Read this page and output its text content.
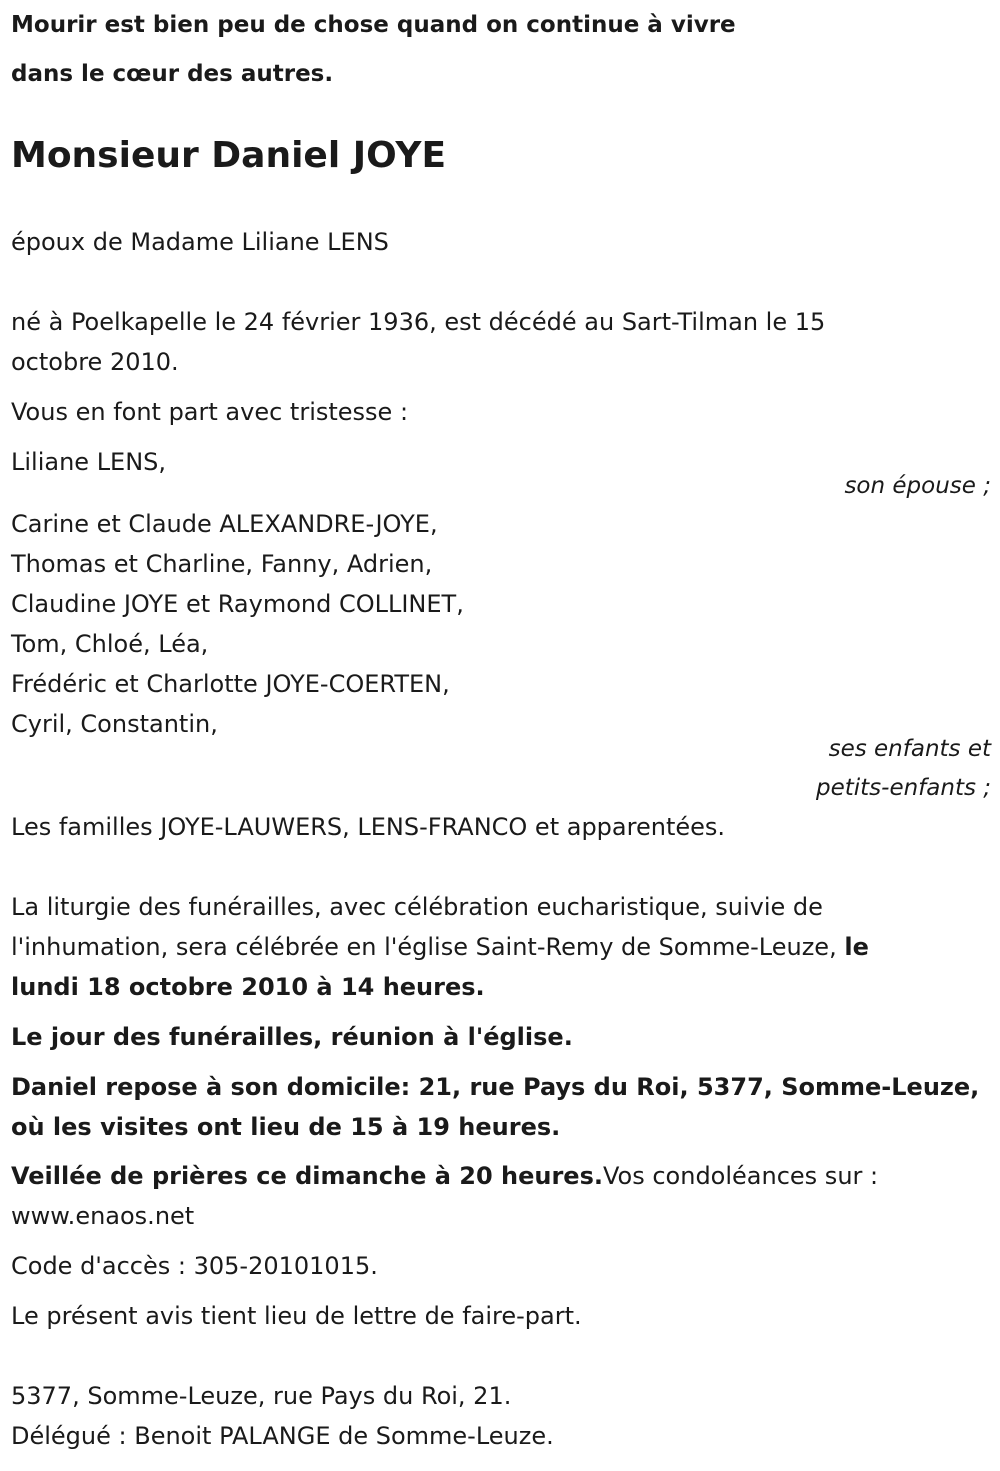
Mourir est bien peu de chose quand on continue à vivre
dans le cœur des autres.
Monsieur Daniel JOYE
époux de Madame Liliane LENS
né à Poelkapelle le 24 février 1936, est décédé au Sart-Tilman le 15
octobre 2010.
Vous en font part avec tristesse :
Liliane LENS,
son épouse ;
Carine et Claude ALEXANDRE-JOYE,
Thomas et Charline, Fanny, Adrien,
Claudine JOYE et Raymond COLLINET,
Tom, Chloé, Léa,
Frédéric et Charlotte JOYE-COERTEN,
Cyril, Constantin,
ses enfants et
petits-enfants ;
Les familles JOYE-LAUWERS, LENS-FRANCO et apparentées.
La liturgie des funérailles, avec célébration eucharistique, suivie de
l'inhumation, sera célébrée en l'église Saint-Remy de Somme-Leuze, le
lundi 18 octobre 2010 à 14 heures.
Le jour des funérailles, réunion à l'église.
Daniel repose à son domicile: 21, rue Pays du Roi, 5377, Somme-Leuze,
où les visites ont lieu de 15 à 19 heures.
Veillée de prières ce dimanche à 20 heures.Vos condoléances sur :
www.enaos.net
Code d'accès : 305-20101015.
Le présent avis tient lieu de lettre de faire-part.
5377, Somme-Leuze, rue Pays du Roi, 21.
Délégué : Benoit PALANGE de Somme-Leuze.
